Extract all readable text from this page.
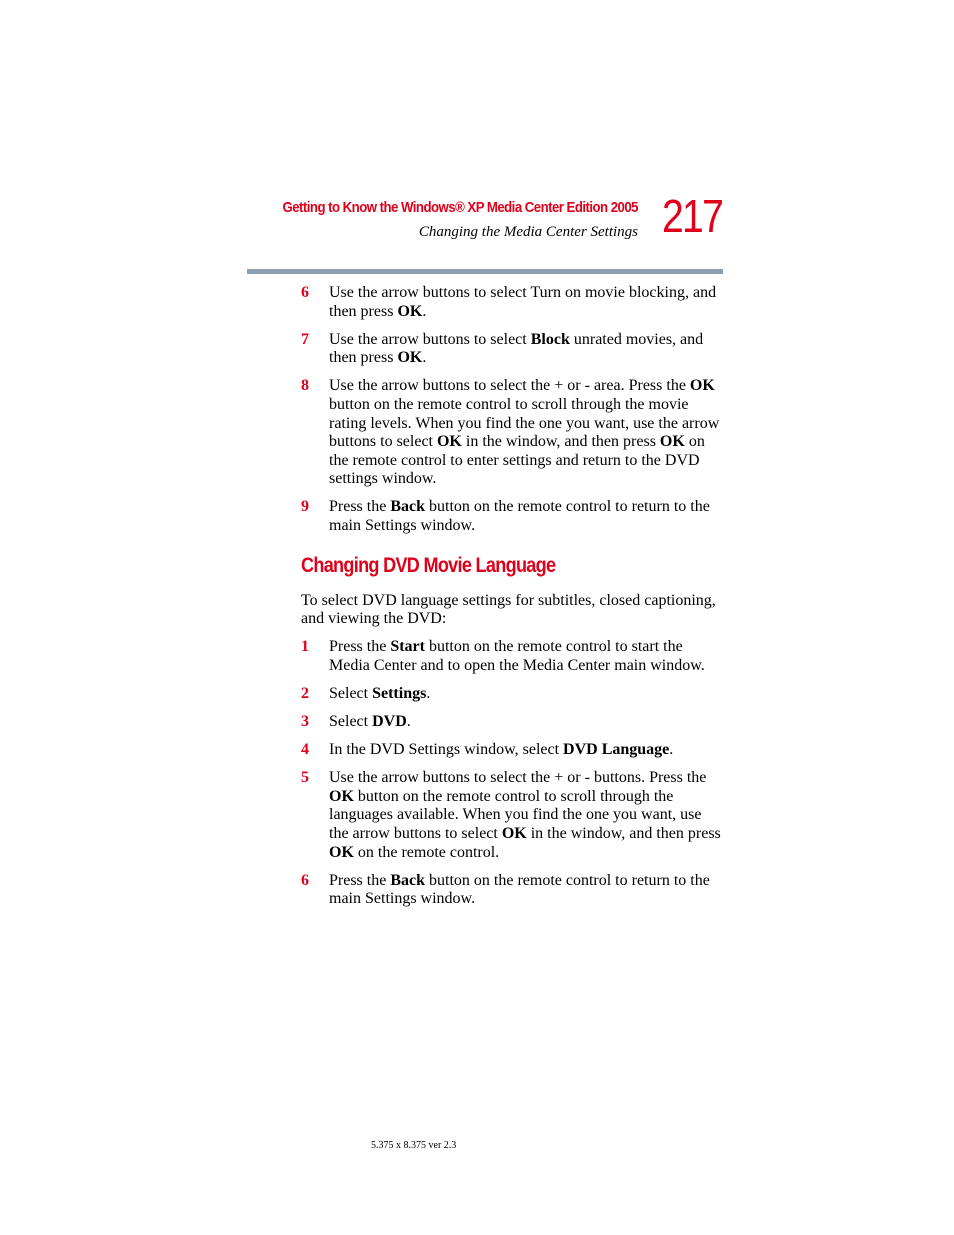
Getting to Know the Windows® XP Media Center Edition 2005
Changing the Media Center Settings 217
6 Use the arrow buttons to select Turn on movie blocking, and then press OK.
7 Use the arrow buttons to select Block unrated movies, and then press OK.
8 Use the arrow buttons to select the + or - area. Press the OK button on the remote control to scroll through the movie rating levels. When you find the one you want, use the arrow buttons to select OK in the window, and then press OK on the remote control to enter settings and return to the DVD settings window.
9 Press the Back button on the remote control to return to the main Settings window.
Changing DVD Movie Language

To select DVD language settings for subtitles, closed captioning, and viewing the DVD:

1 Press the Start button on the remote control to start the Media Center and to open the Media Center main window.
2 Select Settings.
3 Select DVD.
4 In the DVD Settings window, select DVD Language.
5 Use the arrow buttons to select the + or - buttons. Press the OK button on the remote control to scroll through the languages available. When you find the one you want, use the arrow buttons to select OK in the window, and then press OK on the remote control.
6 Press the Back button on the remote control to return to the main Settings window.
5.375 x 8.375 ver 2.3
